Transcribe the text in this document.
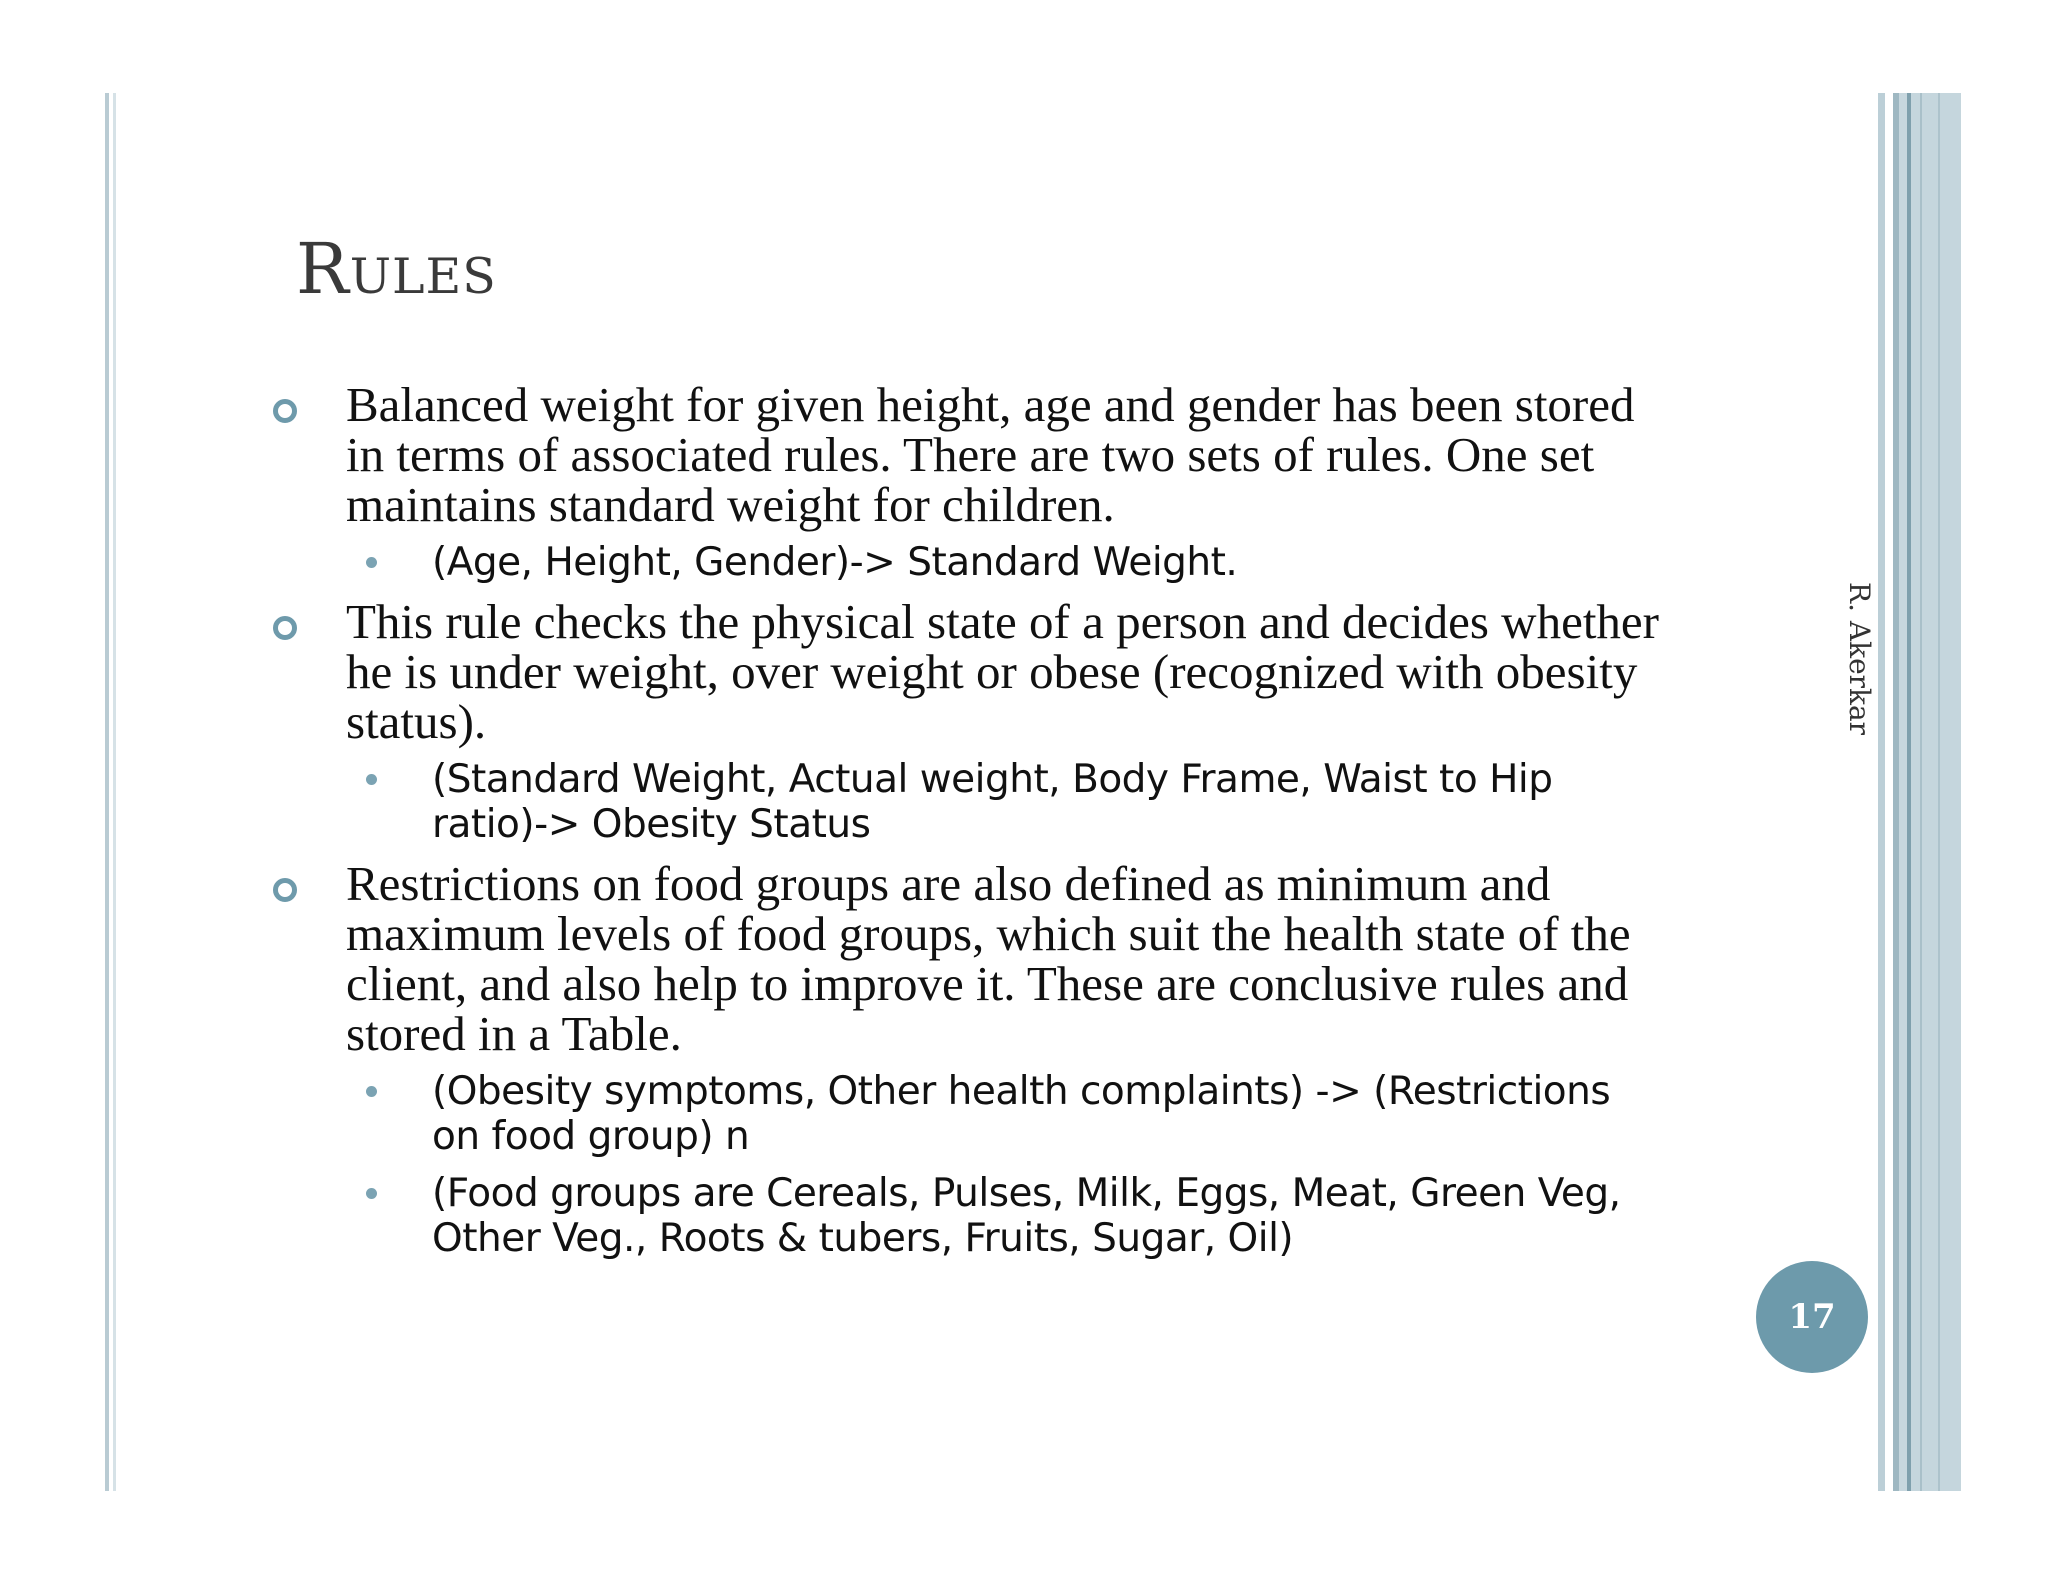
Rules
Balanced weight for given height, age and gender has been stored in terms of associated rules. There are two sets of rules. One set maintains standard weight for children.
(Age, Height, Gender)-> Standard Weight.
This rule checks the physical state of a person and decides whether he is under weight, over weight or obese (recognized with obesity status).
(Standard Weight, Actual weight, Body Frame, Waist to Hip ratio)-> Obesity Status
Restrictions on food groups are also defined as minimum and maximum levels of food groups, which suit the health state of the client, and also help to improve it. These are conclusive rules and stored in a Table.
(Obesity symptoms, Other health complaints) -> (Restrictions on food group) n
(Food groups are Cereals, Pulses, Milk, Eggs, Meat, Green Veg, Other Veg., Roots & tubers, Fruits, Sugar, Oil)
R. Akerkar
17
